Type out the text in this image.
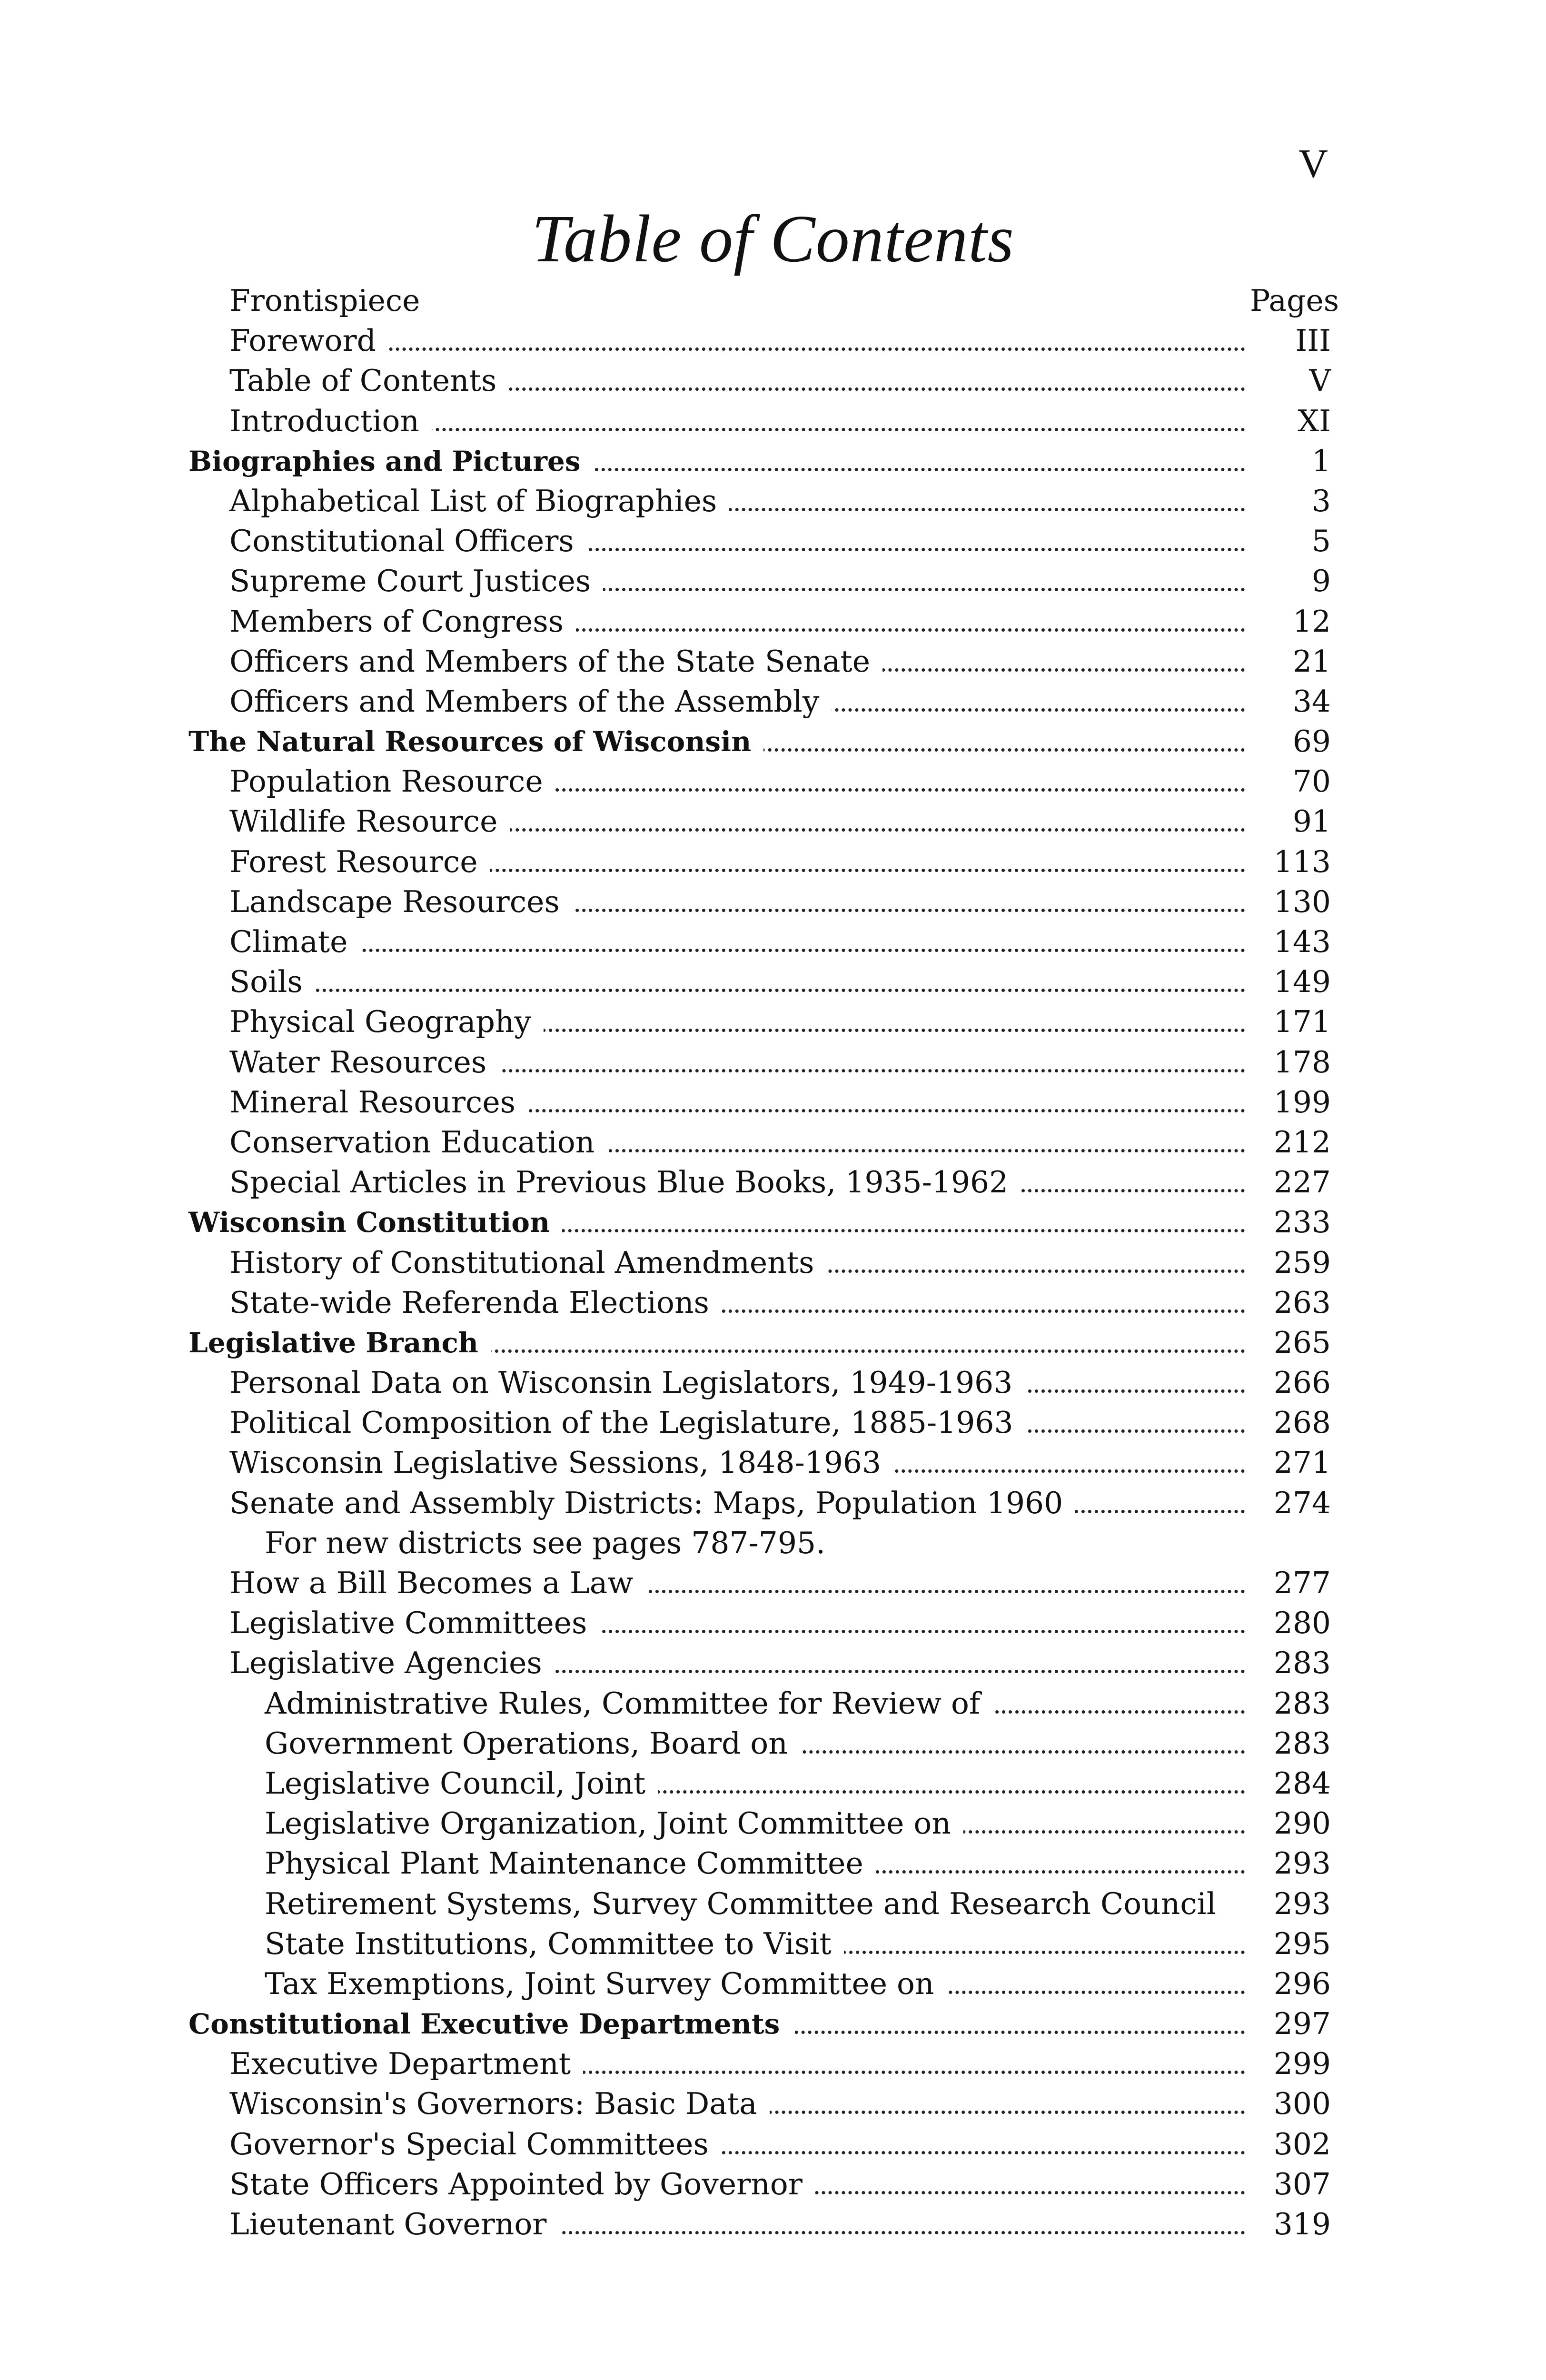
V
Table of Contents
Frontispiece	Pages
Foreword	III
Table of Contents	V
Introduction	XI
Biographies and Pictures	1
Alphabetical List of Biographies	3
Constitutional Officers	5
Supreme Court Justices	9
Members of Congress	12
Officers and Members of the State Senate	21
Officers and Members of the Assembly	34
The Natural Resources of Wisconsin	69
Population Resource	70
Wildlife Resource	91
Forest Resource	113
Landscape Resources	130
Climate	143
Soils	149
Physical Geography	171
Water Resources	178
Mineral Resources	199
Conservation Education	212
Special Articles in Previous Blue Books, 1935-1962	227
Wisconsin Constitution	233
History of Constitutional Amendments	259
State-wide Referenda Elections	263
Legislative Branch	265
Personal Data on Wisconsin Legislators, 1949-1963	266
Political Composition of the Legislature, 1885-1963	268
Wisconsin Legislative Sessions, 1848-1963	271
Senate and Assembly Districts: Maps, Population 1960	274
For new districts see pages 787-795.
How a Bill Becomes a Law	277
Legislative Committees	280
Legislative Agencies	283
Administrative Rules, Committee for Review of	283
Government Operations, Board on	283
Legislative Council, Joint	284
Legislative Organization, Joint Committee on	290
Physical Plant Maintenance Committee	293
Retirement Systems, Survey Committee and Research Council	293
State Institutions, Committee to Visit	295
Tax Exemptions, Joint Survey Committee on	296
Constitutional Executive Departments	297
Executive Department	299
Wisconsin's Governors: Basic Data	300
Governor's Special Committees	302
State Officers Appointed by Governor	307
Lieutenant Governor	319
